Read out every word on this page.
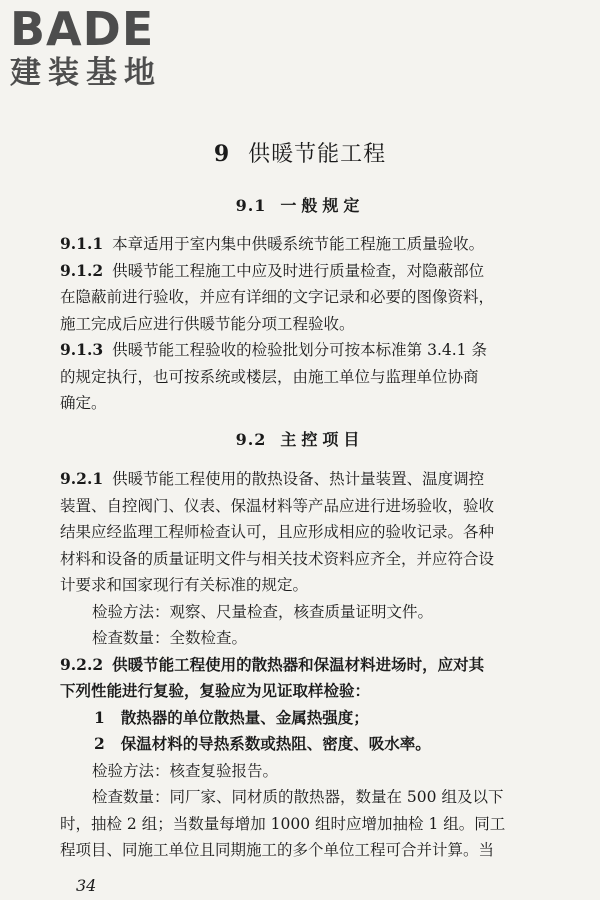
BADE
建装基地
9 供暖节能工程
9.1 一般规定
9.1.1 本章适用于室内集中供暖系统节能工程施工质量验收。
9.1.2 供暖节能工程施工中应及时进行质量检查，对隐蔽部位
在隐蔽前进行验收，并应有详细的文字记录和必要的图像资料，
施工完成后应进行供暖节能分项工程验收。
9.1.3 供暖节能工程验收的检验批划分可按本标准第 3.4.1 条
的规定执行，也可按系统或楼层，由施工单位与监理单位协商
确定。
9.2 主控项目
9.2.1 供暖节能工程使用的散热设备、热计量装置、温度调控
装置、自控阀门、仪表、保温材料等产品应进行进场验收，验收
结果应经监理工程师检查认可，且应形成相应的验收记录。各种
材料和设备的质量证明文件与相关技术资料应齐全，并应符合设
计要求和国家现行有关标准的规定。
检验方法：观察、尺量检查，核查质量证明文件。
检查数量：全数检查。
9.2.2 供暖节能工程使用的散热器和保温材料进场时，应对其
下列性能进行复验，复验应为见证取样检验：
1 散热器的单位散热量、金属热强度；
2 保温材料的导热系数或热阻、密度、吸水率。
检验方法：核查复验报告。
检查数量：同厂家、同材质的散热器，数量在 500 组及以下
时，抽检 2 组；当数量每增加 1000 组时应增加抽检 1 组。同工
程项目、同施工单位且同期施工的多个单位工程可合并计算。当
34
